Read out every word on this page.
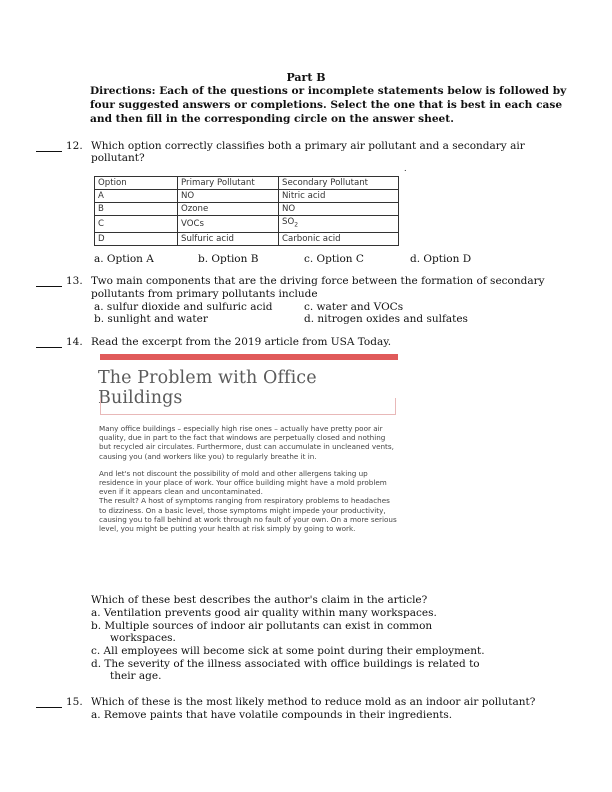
Part B
Directions: Each of the questions or incomplete statements below is followed by four suggested answers or completions. Select the one that is best in each case and then fill in the corresponding circle on the answer sheet.
12. Which option correctly classifies both a primary air pollutant and a secondary air
pollutant?
.
Option	Primary Pollutant	Secondary Pollutant
A	NO	Nitric acid
B	Ozone	NO
C	VOCs	$SO_2$
D	Sulfuric acid	Carbonic acid
a. Option A	b. Option B	c. Option C	d. Option D
13. Two main components that are the driving force between the formation of secondary
pollutants from primary pollutants include
a. sulfur dioxide and sulfuric acid	c. water and VOCs
b. sunlight and water	d. nitrogen oxides and sulfates
14. Read the excerpt from the 2019 article from USA Today.
The Problem with Office Buildings

Many office buildings – especially high rise ones – actually have pretty poor air quality, due in part to the fact that windows are perpetually closed and nothing but recycled air circulates. Furthermore, dust can accumulate in uncleaned vents, causing you (and workers like you) to regularly breathe it in.

And let's not discount the possibility of mold and other allergens taking up residence in your place of work. Your office building might have a mold problem even if it appears clean and uncontaminated.

The result? A host of symptoms ranging from respiratory problems to headaches to dizziness. On a basic level, those symptoms might impede your productivity, causing you to fall behind at work through no fault of your own. On a more serious level, you might be putting your health at risk simply by going to work.

Which of these best describes the author's claim in the article?
a. Ventilation prevents good air quality within many workspaces.
b. Multiple sources of indoor air pollutants can exist in common
workspaces.
c. All employees will become sick at some point during their employment.
d. The severity of the illness associated with office buildings is related to
their age.
15. Which of these is the most likely method to reduce mold as an indoor air pollutant?
a. Remove paints that have volatile compounds in their ingredients.
